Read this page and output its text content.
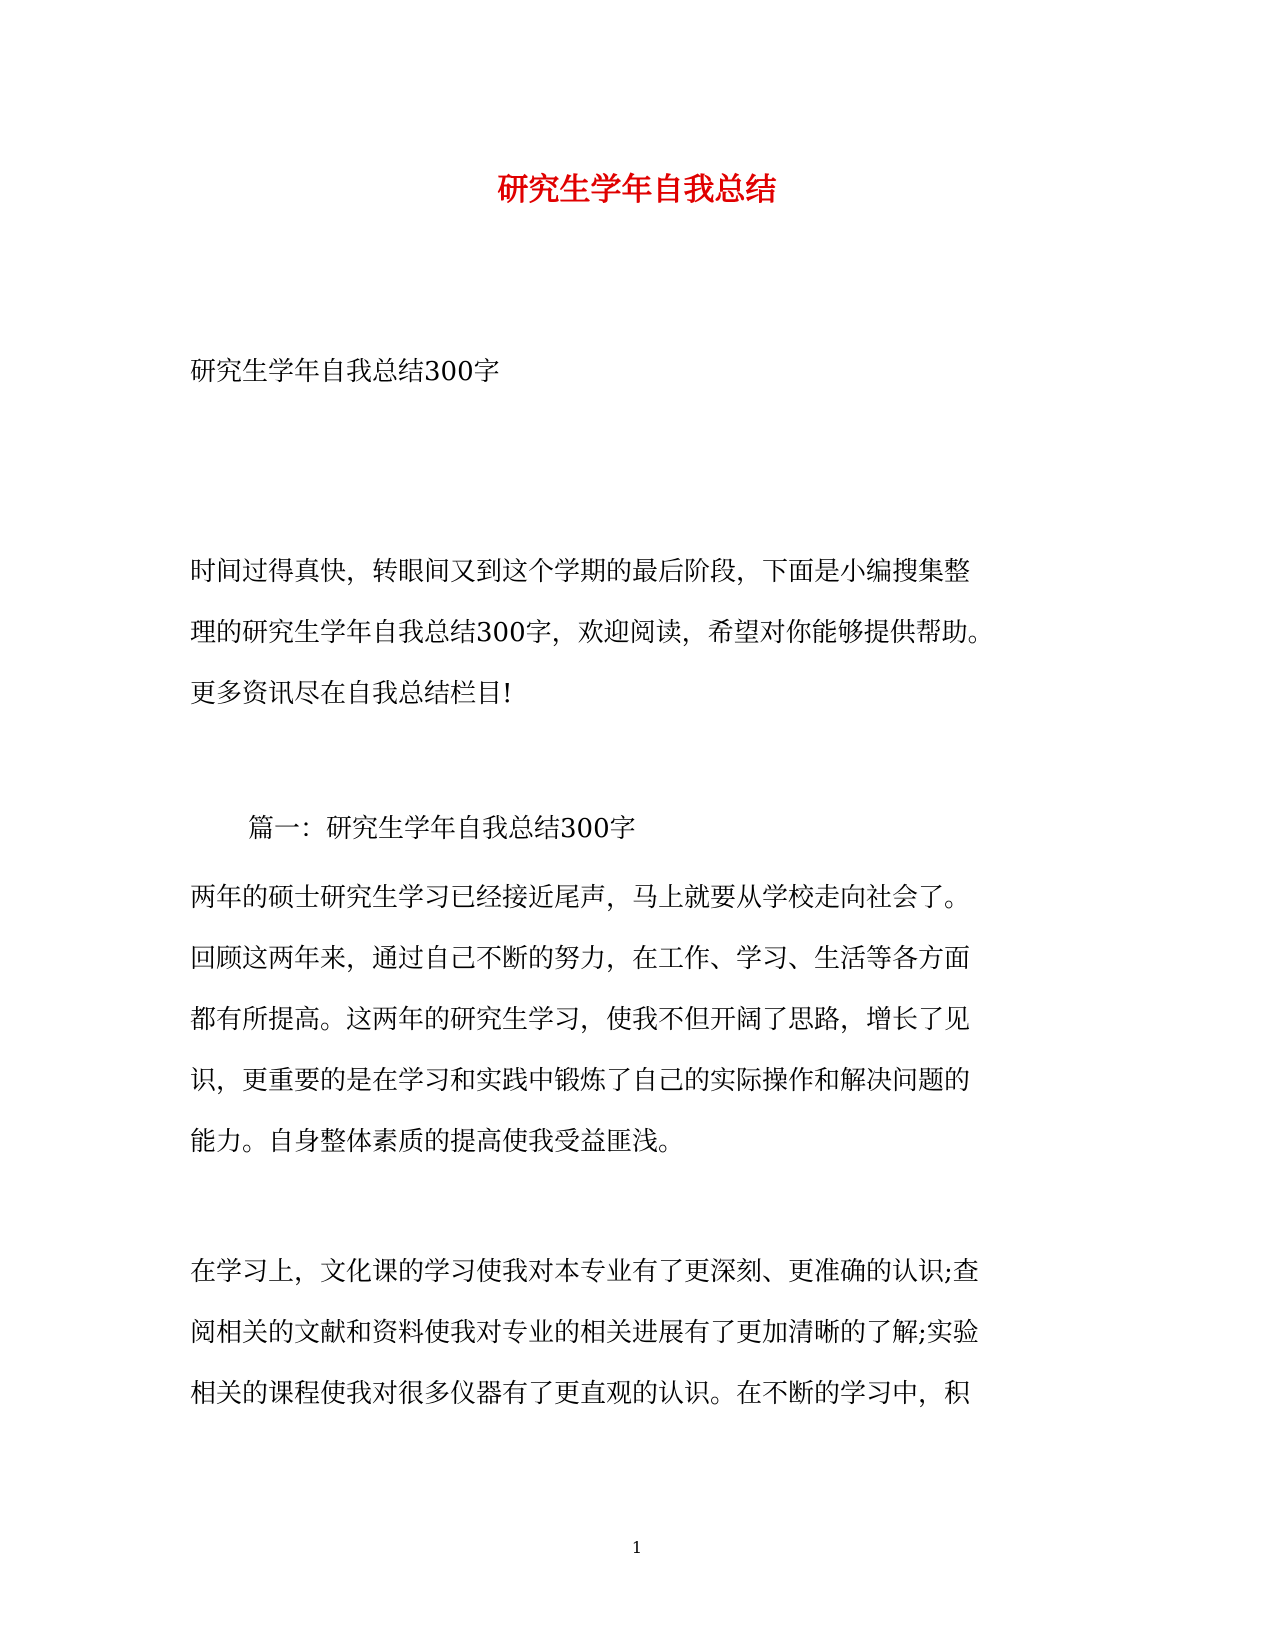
研究生学年自我总结
研究生学年自我总结300字
时间过得真快，转眼间又到这个学期的最后阶段，下面是小编搜集整
理的研究生学年自我总结300字，欢迎阅读，希望对你能够提供帮助。
更多资讯尽在自我总结栏目!
篇一：研究生学年自我总结300字
两年的硕士研究生学习已经接近尾声，马上就要从学校走向社会了。
回顾这两年来，通过自己不断的努力，在工作、学习、生活等各方面
都有所提高。这两年的研究生学习，使我不但开阔了思路，增长了见
识，更重要的是在学习和实践中锻炼了自己的实际操作和解决问题的
能力。自身整体素质的提高使我受益匪浅。
在学习上，文化课的学习使我对本专业有了更深刻、更准确的认识;查
阅相关的文献和资料使我对专业的相关进展有了更加清晰的了解;实验
相关的课程使我对很多仪器有了更直观的认识。在不断的学习中，积
1
